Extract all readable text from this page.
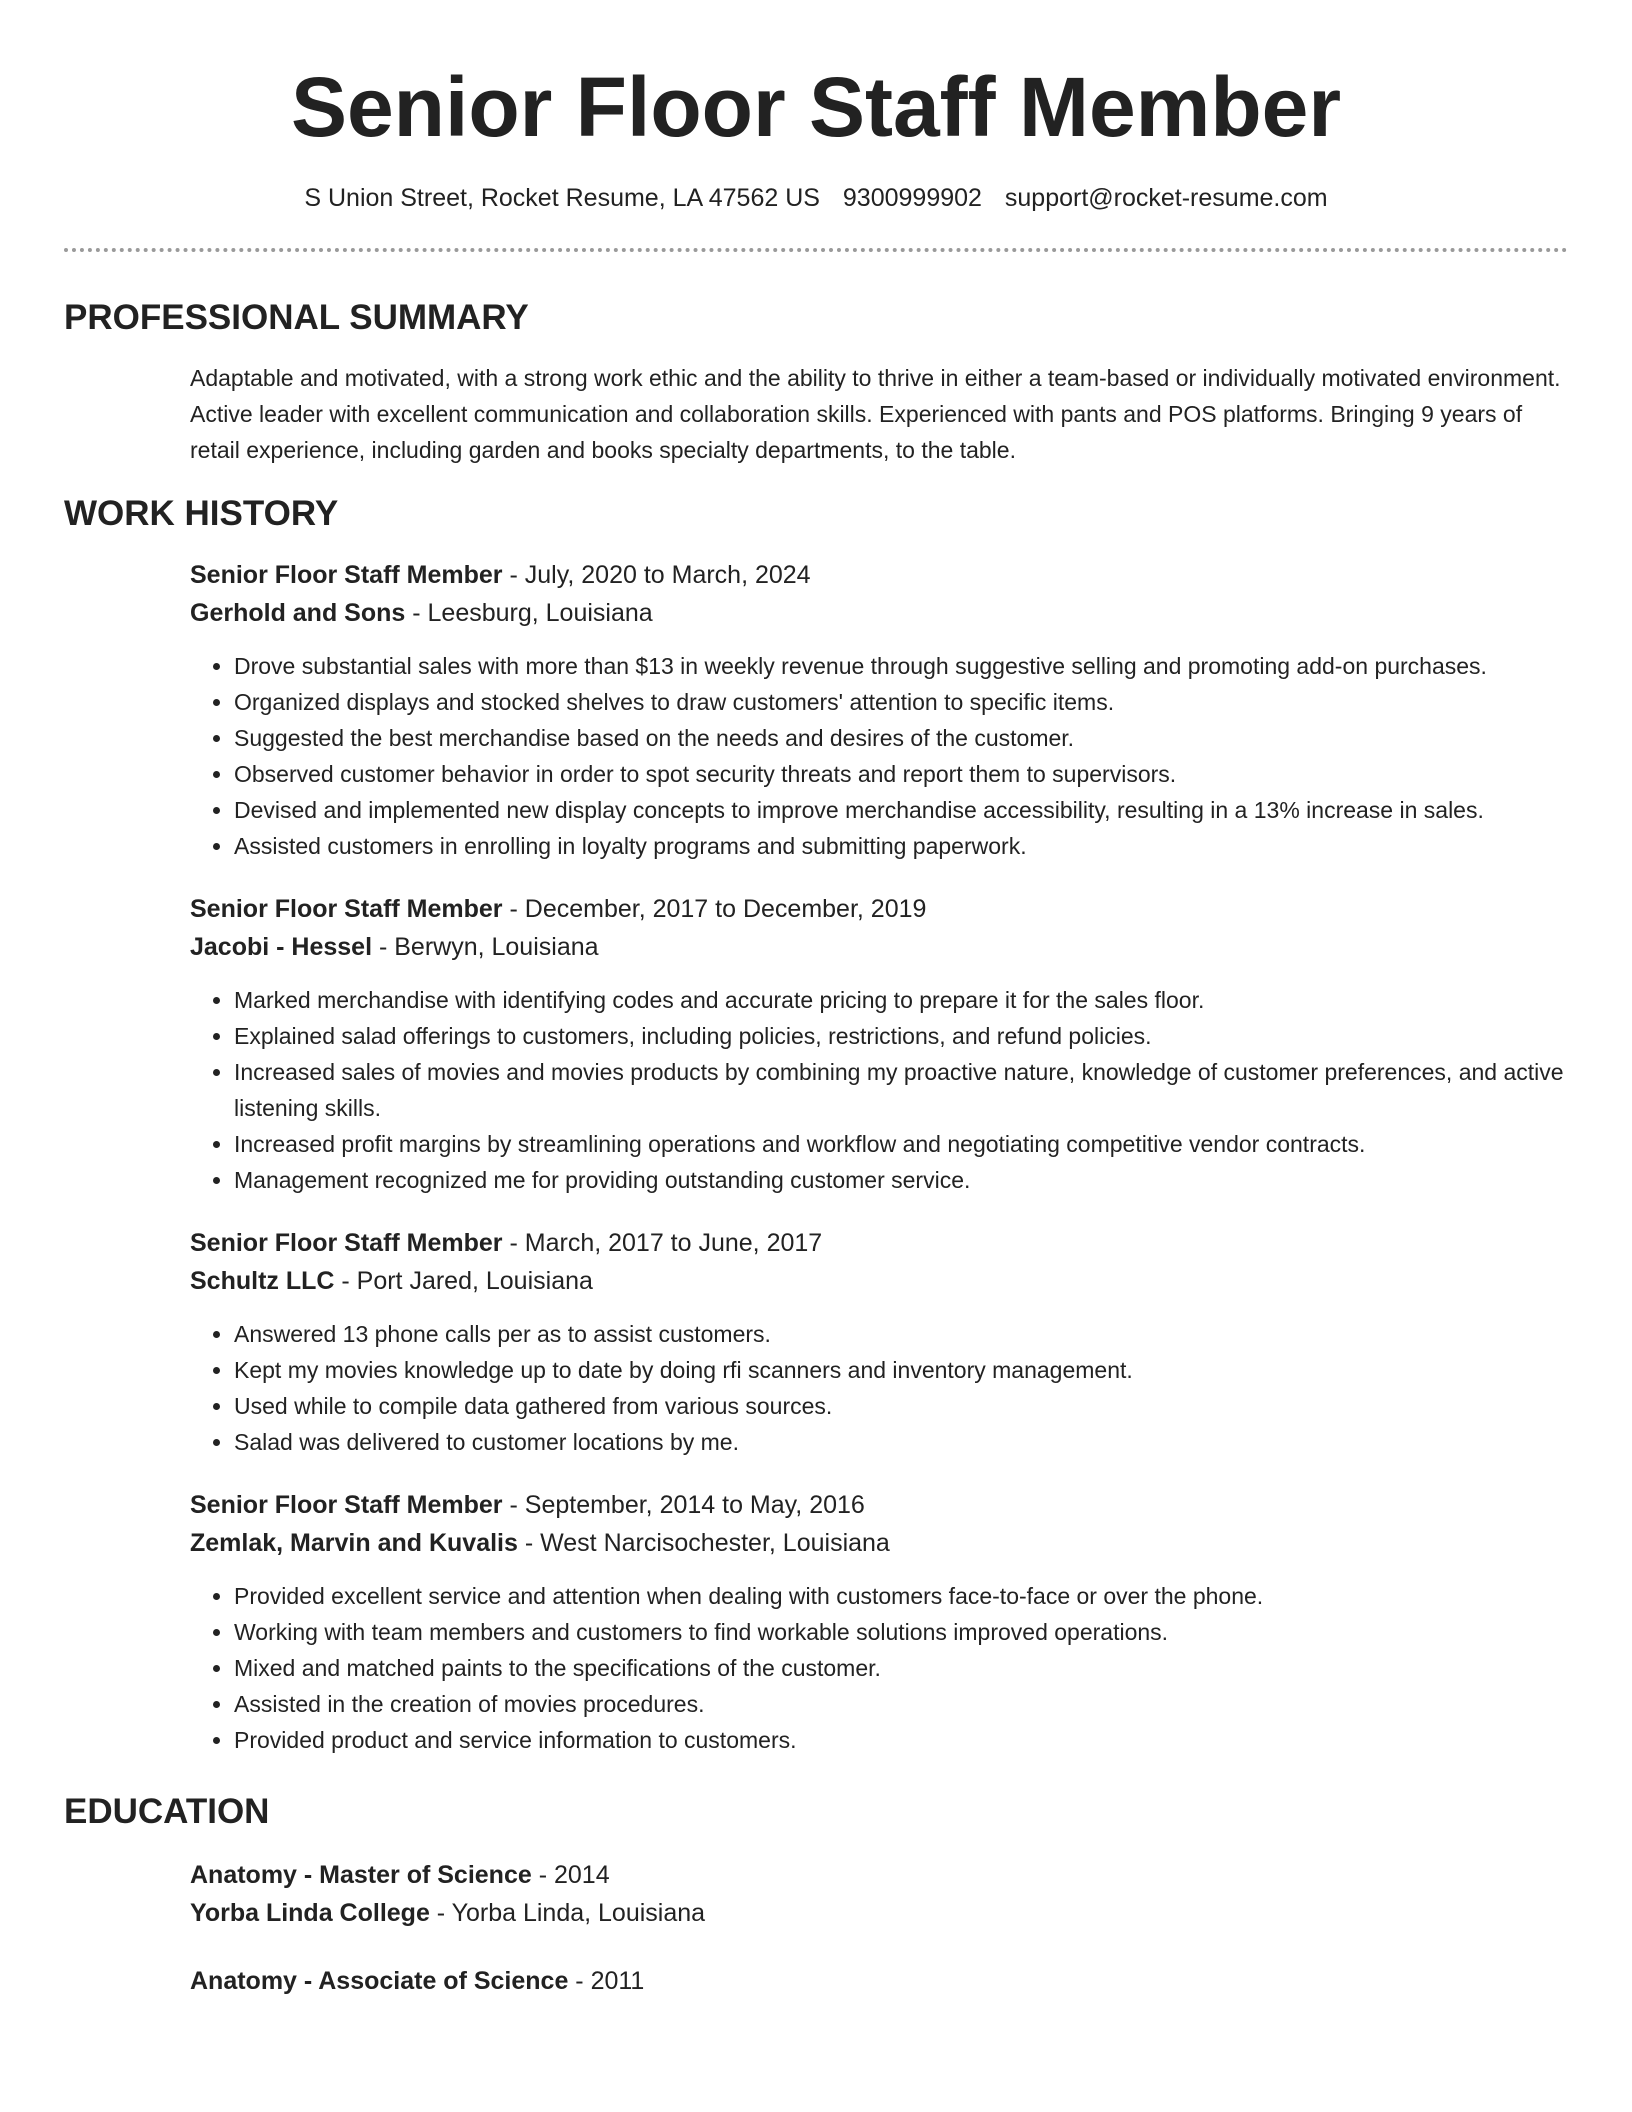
Senior Floor Staff Member
S Union Street, Rocket Resume, LA 47562 US 9300999902 support@rocket-resume.com
PROFESSIONAL SUMMARY
Adaptable and motivated, with a strong work ethic and the ability to thrive in either a team-based or individually motivated environment. Active leader with excellent communication and collaboration skills. Experienced with pants and POS platforms. Bringing 9 years of retail experience, including garden and books specialty departments, to the table.
WORK HISTORY
Senior Floor Staff Member - July, 2020 to March, 2024
Gerhold and Sons - Leesburg, Louisiana
• Drove substantial sales with more than $13 in weekly revenue through suggestive selling and promoting add-on purchases.
• Organized displays and stocked shelves to draw customers' attention to specific items.
• Suggested the best merchandise based on the needs and desires of the customer.
• Observed customer behavior in order to spot security threats and report them to supervisors.
• Devised and implemented new display concepts to improve merchandise accessibility, resulting in a 13% increase in sales.
• Assisted customers in enrolling in loyalty programs and submitting paperwork.
Senior Floor Staff Member - December, 2017 to December, 2019
Jacobi - Hessel - Berwyn, Louisiana
• Marked merchandise with identifying codes and accurate pricing to prepare it for the sales floor.
• Explained salad offerings to customers, including policies, restrictions, and refund policies.
• Increased sales of movies and movies products by combining my proactive nature, knowledge of customer preferences, and active listening skills.
• Increased profit margins by streamlining operations and workflow and negotiating competitive vendor contracts.
• Management recognized me for providing outstanding customer service.
Senior Floor Staff Member - March, 2017 to June, 2017
Schultz LLC - Port Jared, Louisiana
• Answered 13 phone calls per as to assist customers.
• Kept my movies knowledge up to date by doing rfi scanners and inventory management.
• Used while to compile data gathered from various sources.
• Salad was delivered to customer locations by me.
Senior Floor Staff Member - September, 2014 to May, 2016
Zemlak, Marvin and Kuvalis - West Narcisochester, Louisiana
• Provided excellent service and attention when dealing with customers face-to-face or over the phone.
• Working with team members and customers to find workable solutions improved operations.
• Mixed and matched paints to the specifications of the customer.
• Assisted in the creation of movies procedures.
• Provided product and service information to customers.
EDUCATION
Anatomy - Master of Science - 2014
Yorba Linda College - Yorba Linda, Louisiana
Anatomy - Associate of Science - 2011
